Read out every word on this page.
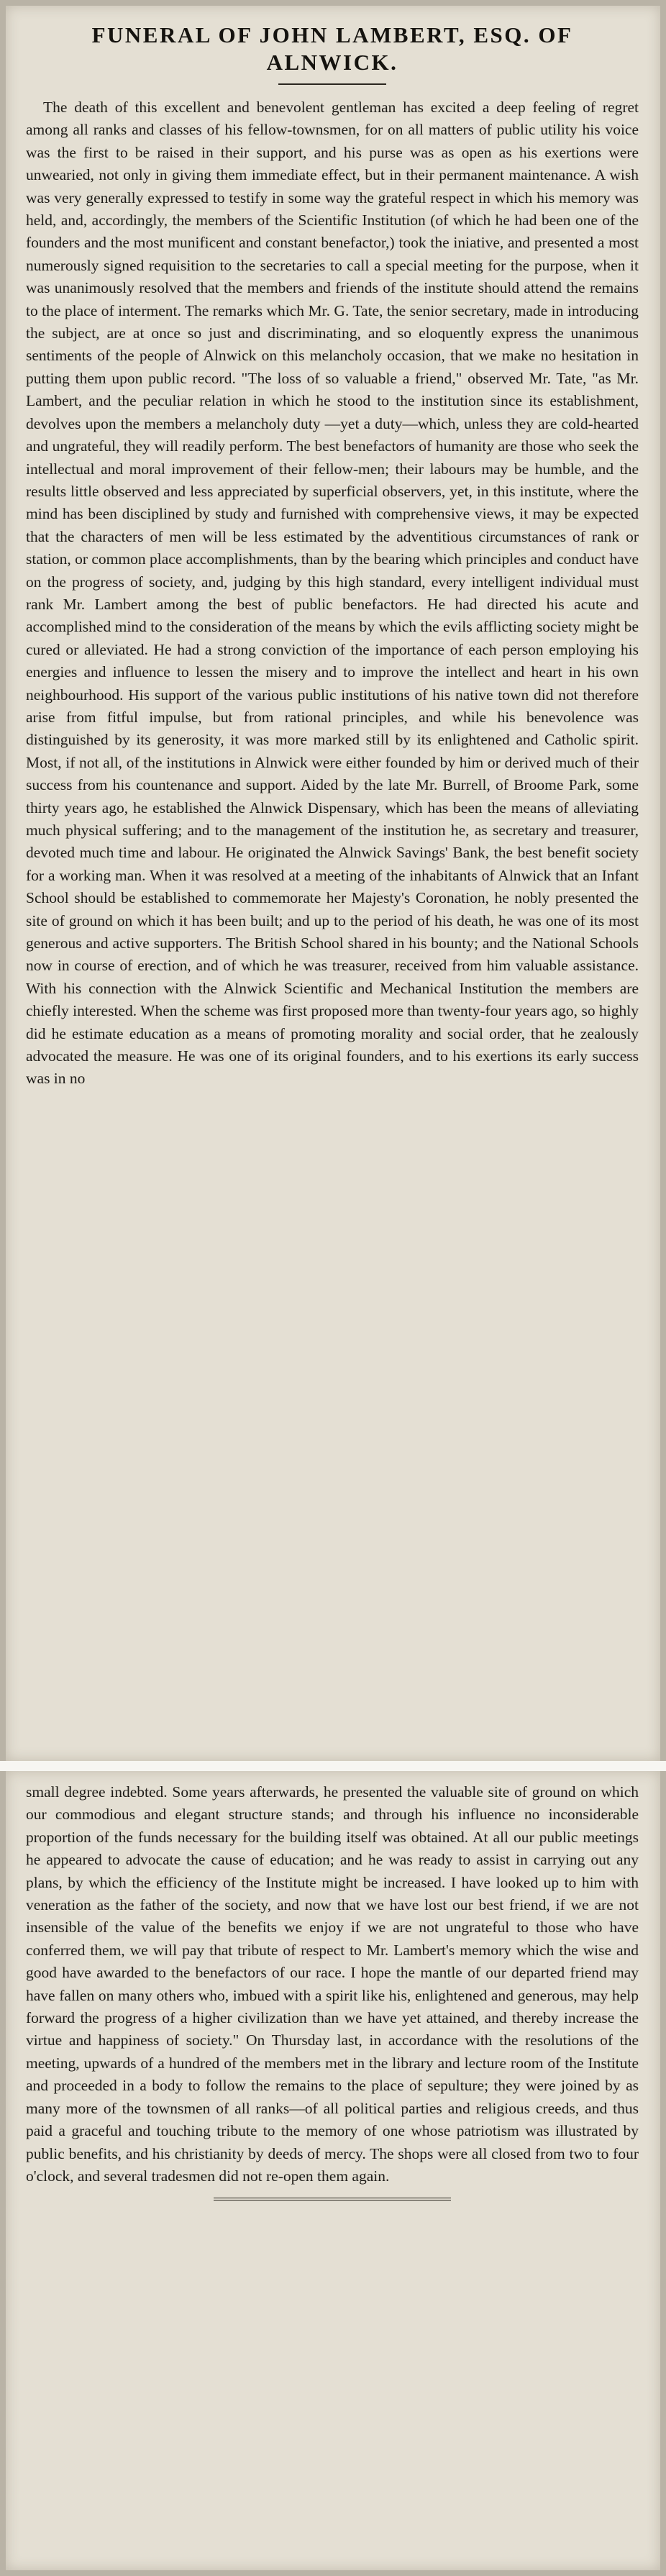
FUNERAL OF JOHN LAMBERT, ESQ. OF ALNWICK.

The death of this excellent and benevolent gentleman has excited a deep feeling of regret among all ranks and classes of his fellow-townsmen, for on all matters of public utility his voice was the first to be raised in their support, and his purse was as open as his exertions were unwearied, not only in giving them immediate effect, but in their permanent maintenance. A wish was very generally expressed to testify in some way the grateful respect in which his memory was held, and, accordingly, the members of the Scientific Institution (of which he had been one of the founders and the most munificent and constant benefactor,) took the iniative, and presented a most numerously signed requisition to the secretaries to call a special meeting for the purpose, when it was unanimously resolved that the members and friends of the institute should attend the remains to the place of interment. The remarks which Mr. G. Tate, the senior secretary, made in introducing the subject, are at once so just and discriminating, and so eloquently express the unanimous sentiments of the people of Alnwick on this melancholy occasion, that we make no hesitation in putting them upon public record. "The loss of so valuable a friend," observed Mr. Tate, "as Mr. Lambert, and the peculiar relation in which he stood to the institution since its establishment, devolves upon the members a melancholy duty —yet a duty—which, unless they are cold-hearted and ungrateful, they will readily perform. The best benefactors of humanity are those who seek the intellectual and moral improvement of their fellow-men; their labours may be humble, and the results little observed and less appreciated by superficial observers, yet, in this institute, where the mind has been disciplined by study and furnished with comprehensive views, it may be expected that the characters of men will be less estimated by the adventitious circumstances of rank or station, or common place accomplishments, than by the bearing which principles and conduct have on the progress of society, and, judging by this high standard, every intelligent individual must rank Mr. Lambert among the best of public benefactors. He had directed his acute and accomplished mind to the consideration of the means by which the evils afflicting society might be cured or alleviated. He had a strong conviction of the importance of each person employing his energies and influence to lessen the misery and to improve the intellect and heart in his own neighbourhood. His support of the various public institutions of his native town did not therefore arise from fitful impulse, but from rational principles, and while his benevolence was distinguished by its generosity, it was more marked still by its enlightened and Catholic spirit. Most, if not all, of the institutions in Alnwick were either founded by him or derived much of their success from his countenance and support. Aided by the late Mr. Burrell, of Broome Park, some thirty years ago, he established the Alnwick Dispensary, which has been the means of alleviating much physical suffering; and to the management of the institution he, as secretary and treasurer, devoted much time and labour. He originated the Alnwick Savings' Bank, the best benefit society for a working man. When it was resolved at a meeting of the inhabitants of Alnwick that an Infant School should be established to commemorate her Majesty's Coronation, he nobly presented the site of ground on which it has been built; and up to the period of his death, he was one of its most generous and active supporters. The British School shared in his bounty; and the National Schools now in course of erection, and of which he was treasurer, received from him valuable assistance. With his connection with the Alnwick Scientific and Mechanical Institution the members are chiefly interested. When the scheme was first proposed more than twenty-four years ago, so highly did he estimate education as a means of promoting morality and social order, that he zealously advocated the measure. He was one of its original founders, and to his exertions its early success was in no

small degree indebted. Some years afterwards, he presented the valuable site of ground on which our commodious and elegant structure stands; and through his influence no inconsiderable proportion of the funds necessary for the building itself was obtained. At all our public meetings he appeared to advocate the cause of education; and he was ready to assist in carrying out any plans, by which the efficiency of the Institute might be increased. I have looked up to him with veneration as the father of the society, and now that we have lost our best friend, if we are not insensible of the value of the benefits we enjoy if we are not ungrateful to those who have conferred them, we will pay that tribute of respect to Mr. Lambert's memory which the wise and good have awarded to the benefactors of our race. I hope the mantle of our departed friend may have fallen on many others who, imbued with a spirit like his, enlightened and generous, may help forward the progress of a higher civilization than we have yet attained, and thereby increase the virtue and happiness of society." On Thursday last, in accordance with the resolutions of the meeting, upwards of a hundred of the members met in the library and lecture room of the Institute and proceeded in a body to follow the remains to the place of sepulture; they were joined by as many more of the townsmen of all ranks—of all political parties and religious creeds, and thus paid a graceful and touching tribute to the memory of one whose patriotism was illustrated by public benefits, and his christianity by deeds of mercy. The shops were all closed from two to four o'clock, and several tradesmen did not re-open them again.
